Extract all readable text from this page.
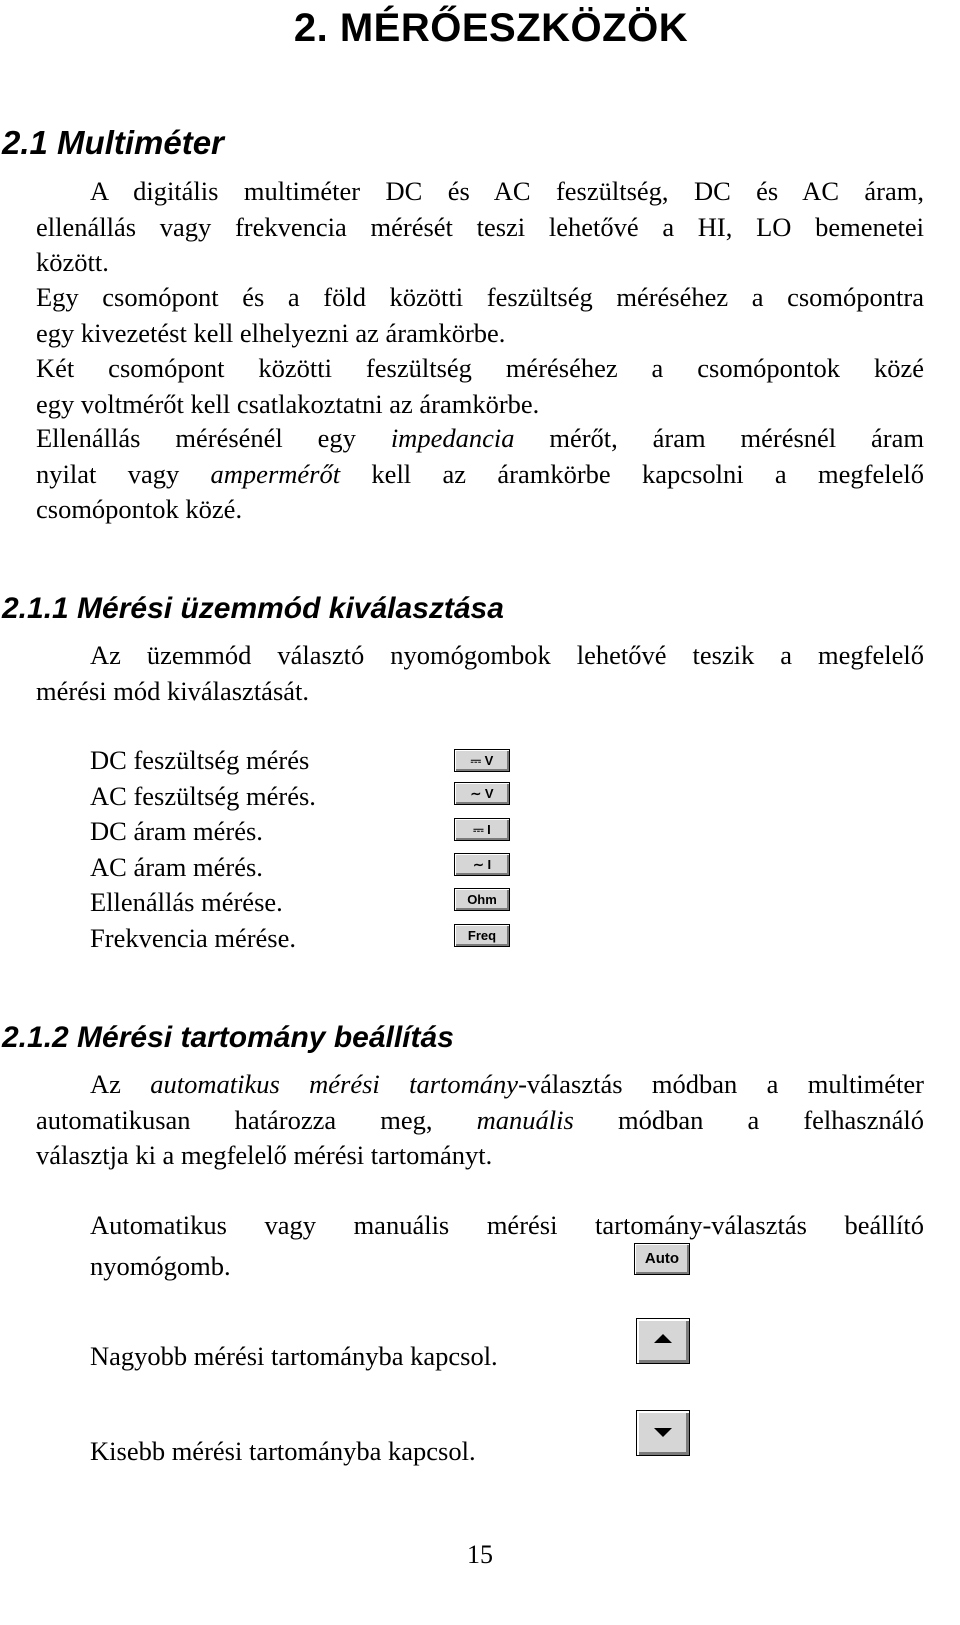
2. MÉRŐESZKÖZÖK
2.1 Multiméter
A digitális multiméter DC és AC feszültség, DC és AC áram,
ellenállás vagy frekvencia mérését teszi lehetővé a HI, LO bemenetei
között.
Egy csomópont és a föld közötti feszültség méréséhez a csomópontra
egy kivezetést kell elhelyezni az áramkörbe.
Két csomópont közötti feszültség méréséhez a csomópontok közé
egy voltmérőt kell csatlakoztatni az áramkörbe.
Ellenállás mérésénél egy impedancia mérőt, áram mérésnél áram
nyilat vagy ampermérőt kell az áramkörbe kapcsolni a megfelelő
csomópontok közé.
2.1.1 Mérési üzemmód kiválasztása
Az üzemmód választó nyomógombok lehetővé teszik a megfelelő
mérési mód kiválasztását.
DC feszültség mérés
AC feszültség mérés.
DC áram mérés.
AC áram mérés.
Ellenállás mérése.
Frekvencia mérése.
⎓ V
∼ V
⎓ I
∼ I
Ohm
Freq
2.1.2 Mérési tartomány beállítás
Az automatikus mérési tartomány-választás módban a multiméter
automatikusan határozza meg, manuális módban a felhasználó
választja ki a megfelelő mérési tartományt.
Automatikus vagy manuális mérési tartomány-választás beállító
nyomógomb.	Auto

Nagyobb mérési tartományba kapcsol.

Kisebb mérési tartományba kapcsol.

15
